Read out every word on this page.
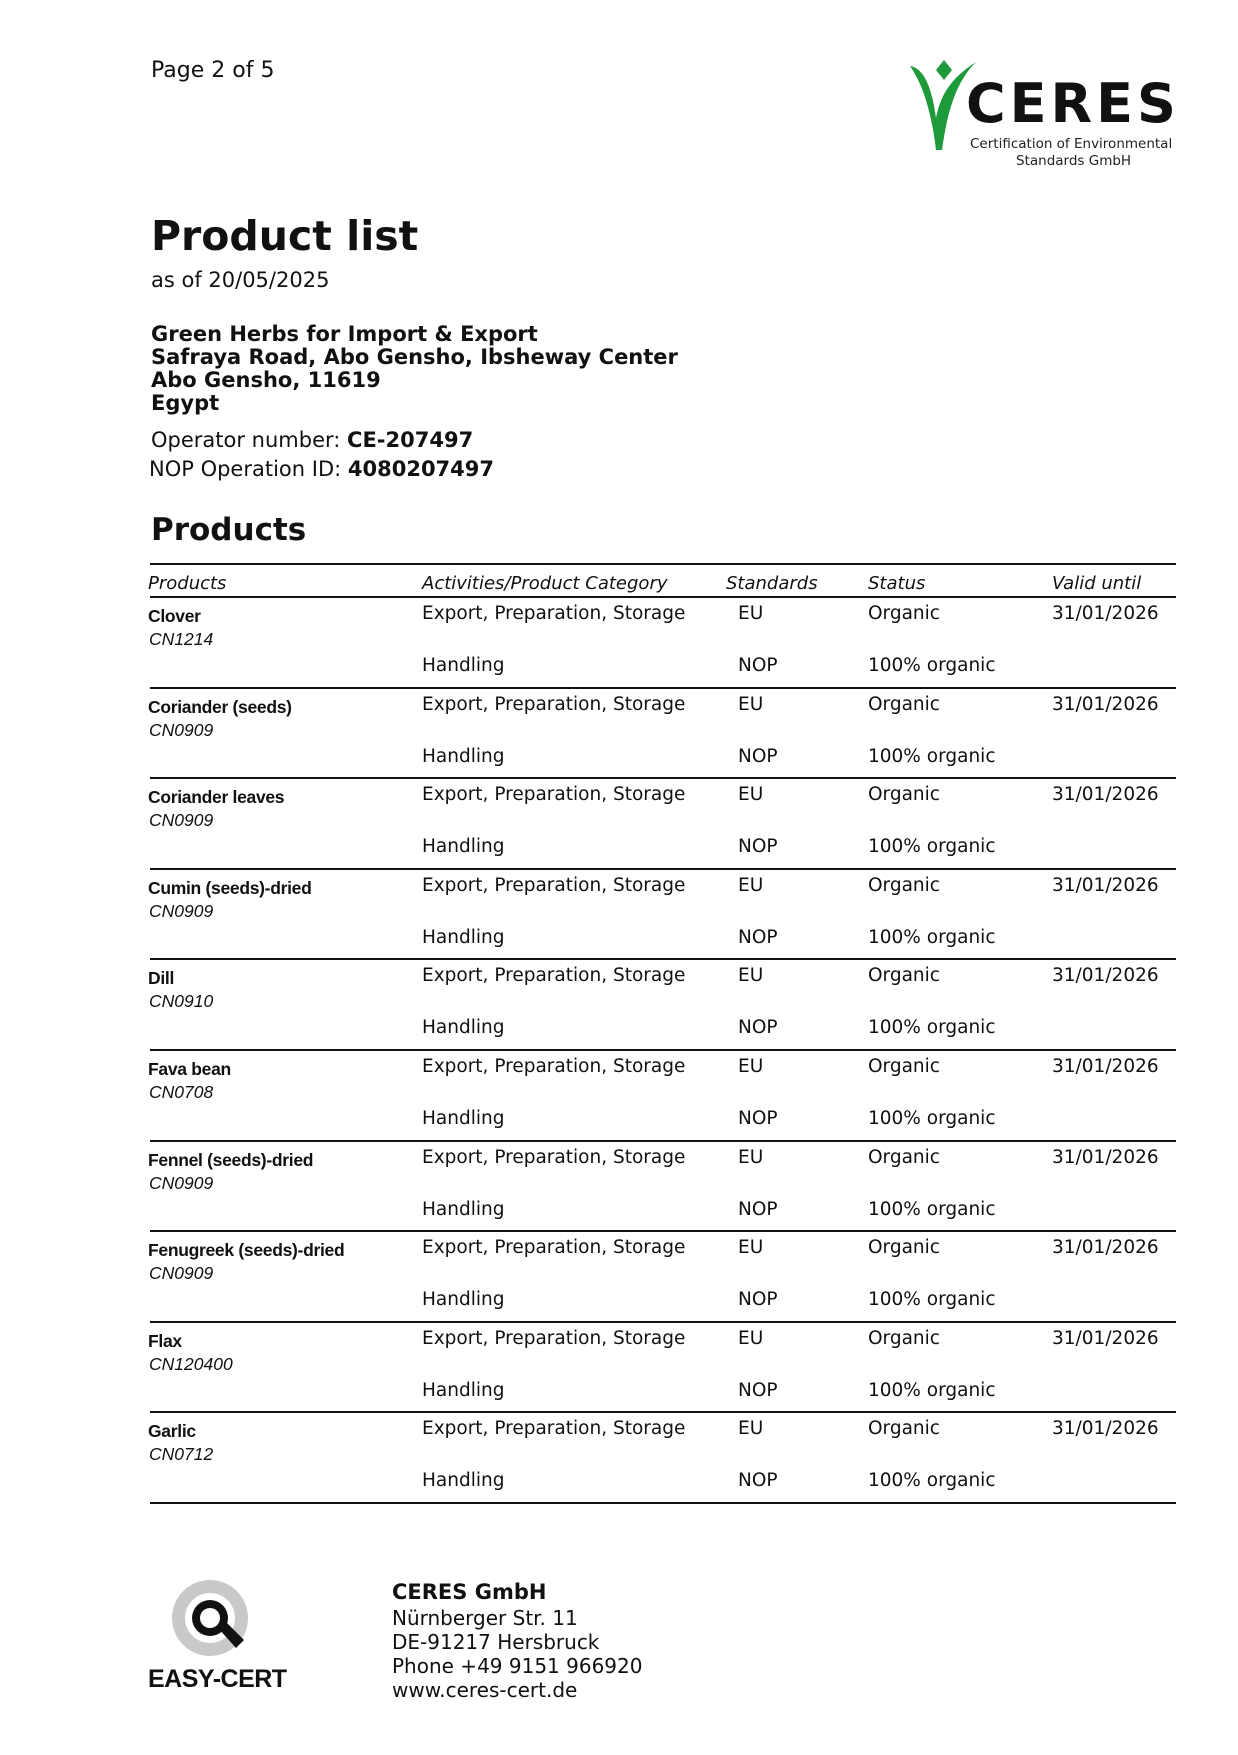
Page 2 of 5
CERES
Certification of Environmental
Standards GmbH
Product list
as of 20/05/2025
Green Herbs for Import & Export
Safraya Road, Abo Gensho, Ibsheway Center
Abo Gensho, 11619
Egypt
Operator number: CE-207497
NOP Operation ID: 4080207497
Products
Products	Activities/Product Category	Standards	Status	Valid until
Clover
CN1214
Export, Preparation, Storage	EU	Organic	31/01/2026
Handling	NOP	100% organic
Coriander (seeds)
CN0909
Export, Preparation, Storage	EU	Organic	31/01/2026
Handling	NOP	100% organic
Coriander leaves
CN0909
Export, Preparation, Storage	EU	Organic	31/01/2026
Handling	NOP	100% organic
Cumin (seeds)-dried
CN0909
Export, Preparation, Storage	EU	Organic	31/01/2026
Handling	NOP	100% organic
Dill
CN0910
Export, Preparation, Storage	EU	Organic	31/01/2026
Handling	NOP	100% organic
Fava bean
CN0708
Export, Preparation, Storage	EU	Organic	31/01/2026
Handling	NOP	100% organic
Fennel (seeds)-dried
CN0909
Export, Preparation, Storage	EU	Organic	31/01/2026
Handling	NOP	100% organic
Fenugreek (seeds)-dried
CN0909
Export, Preparation, Storage	EU	Organic	31/01/2026
Handling	NOP	100% organic
Flax
CN120400
Export, Preparation, Storage	EU	Organic	31/01/2026
Handling	NOP	100% organic
Garlic
CN0712
Export, Preparation, Storage	EU	Organic	31/01/2026
Handling	NOP	100% organic
EASY-CERT
CERES GmbH
Nürnberger Str. 11
DE-91217 Hersbruck
Phone +49 9151 966920
www.ceres-cert.de
